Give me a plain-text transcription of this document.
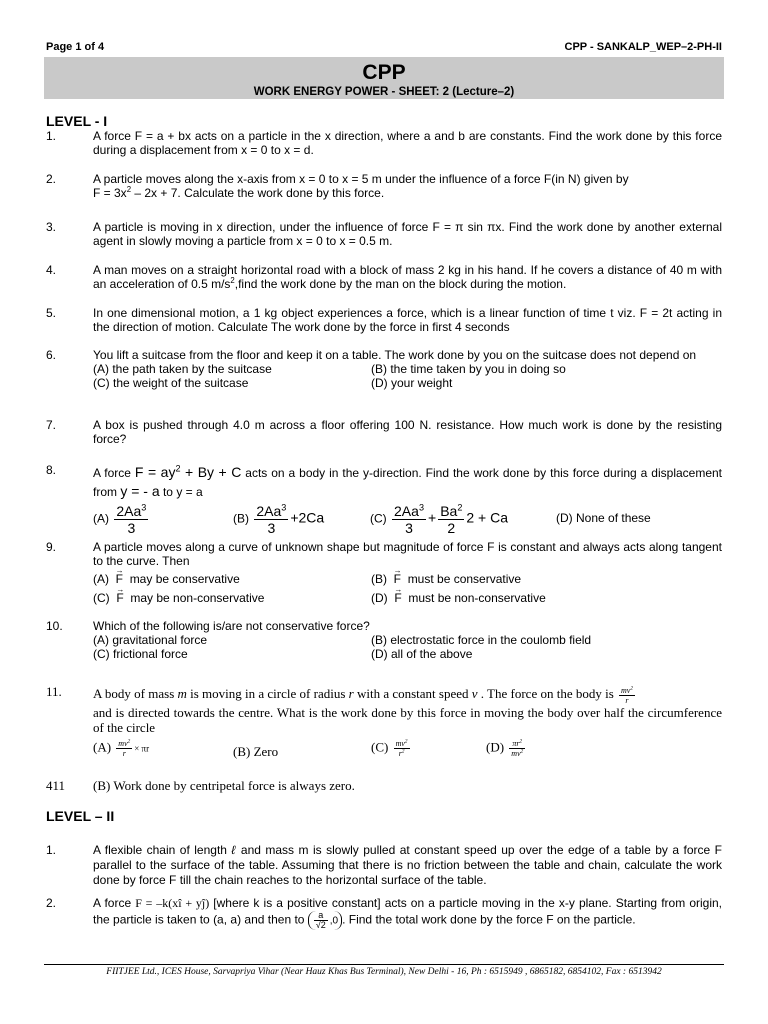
Page 1 of 4	CPP - SANKALP_WEP–2-PH-II
CPP
WORK ENERGY POWER - SHEET: 2 (Lecture–2)
LEVEL - I
1.	A force F = a + bx acts on a particle in the x direction, where a and b are constants. Find the work done by this force during a displacement from x = 0 to x = d.
2.	A particle moves along the x-axis from x = 0 to x = 5 m under the influence of a force F(in N) given by
$F = 3x^2 - 2x + 7$. Calculate the work done by this force.
3.	A particle is moving in x direction, under the influence of force F = π sin πx. Find the work done by another external agent in slowly moving a particle from x = 0 to x = 0.5 m.
4.	A man moves on a straight horizontal road with a block of mass 2 kg in his hand. If he covers a distance of 40 m with an acceleration of 0.5 $m/s^2,find$ the work done by the man on the block during the motion.
5.	In one dimensional motion, a 1 kg object experiences a force, which is a linear function of time t viz. F = 2t acting in the direction of motion. Calculate The work done by the force in first 4 seconds
6.	You lift a suitcase from the floor and keep it on a table. The work done by you on the suitcase does not depend on
(A) the path taken by the suitcase	(B) the time taken by you in doing so
(C) the weight of the suitcase	(D) your weight
7.	A box is pushed through 4.0 m across a floor offering 100 N. resistance. How much work is done by the resisting force?
8.	A force $F = ay^2 + By + C$ acts on a body in the y-direction. Find the work done by this force during a displacement from y = - a to y = a
$(A) \frac{2Aa^3}{3}$	$(B) \frac{2Aa^3}{3} +2Ca$	$(C) \frac{2Aa^3}{3} + \frac{Ba^2}{2} 2 + Ca$	(D) None of these
9.	A particle moves along a curve of unknown shape but magnitude of force F is constant and always acts along tangent to the curve. Then
(A) → F may be conservative	(B) → F must be conservative
(C) → F may be non-conservative	(D) → F must be non-conservative
10.	Which of the following is/are not conservative force?
(A) gravitational force	(B) electrostatic force in the coulomb field
(C) frictional force	(D) all of the above
11. A body of mass m is moving in a circle of radius r with a constant speed v . The force on the body is $\frac{mv^2}{r}$
and is directed towards the centre. What is the work done by this force in moving the body over half the circumference of the circle
$(A) \frac{mv^2}{r} \times \pi r$	(B) Zero	$(C) \frac{mv^2}{r^2}$	$(D) \frac{\pi r^2}{mv^2}$
411 (B) Work done by centripetal force is always zero.
LEVEL – II
1.	A flexible chain of length ℓ and mass m is slowly pulled at constant speed up over the edge of a table by a force F parallel to the surface of the table. Assuming that there is no friction between the table and chain, calculate the work done by force F till the chain reaches to the horizontal surface of the table.
2.	A force F = –k(xî + yĵ) [where k is a positive constant] acts on a particle moving in the x-y plane. Starting from origin, the particle is taken to (a, a) and then to $\frac{a}{√2} ,0$ . Find the total work done by the force F on the particle.
FIITJEE Ltd., ICES House, Sarvapriya Vihar (Near Hauz Khas Bus Terminal), New Delhi - 16, Ph : 6515949 , 6865182, 6854102, Fax : 6513942
